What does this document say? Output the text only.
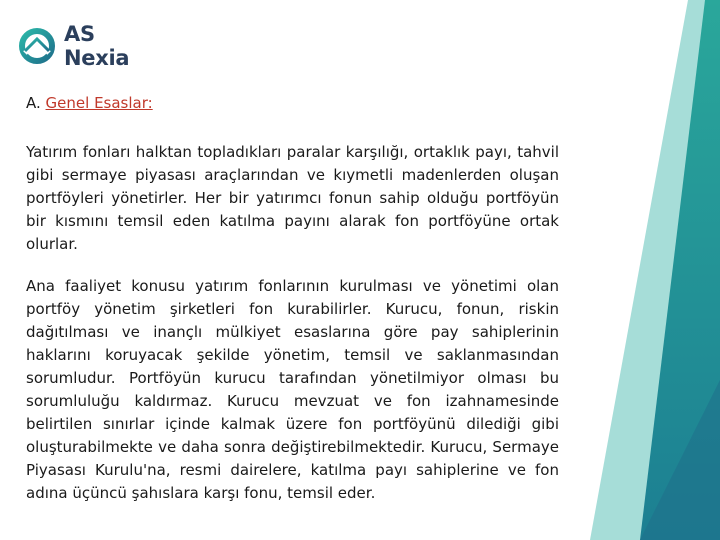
AS
Nexia
A. Genel Esaslar:

Yatırım fonları halktan topladıkları paralar karşılığı, ortaklık payı, tahvil gibi sermaye piyasası araçlarından ve kıymetli madenlerden oluşan portföyleri yönetirler. Her bir yatırımcı fonun sahip olduğu portföyün bir kısmını temsil eden katılma payını alarak fon portföyüne ortak olurlar.

Ana faaliyet konusu yatırım fonlarının kurulması ve yönetimi olan portföy yönetim şirketleri fon kurabilirler. Kurucu, fonun, riskin dağıtılması ve inançlı mülkiyet esaslarına göre pay sahiplerinin haklarını koruyacak şekilde yönetim, temsil ve saklanmasından sorumludur. Portföyün kurucu tarafından yönetilmiyor olması bu sorumluluğu kaldırmaz. Kurucu mevzuat ve fon izahnamesinde belirtilen sınırlar içinde kalmak üzere fon portföyünü dilediği gibi oluşturabilmekte ve daha sonra değiştirebilmektedir. Kurucu, Sermaye Piyasası Kurulu'na, resmi dairelere, katılma payı sahiplerine ve fon adına üçüncü şahıslara karşı fonu, temsil eder.
